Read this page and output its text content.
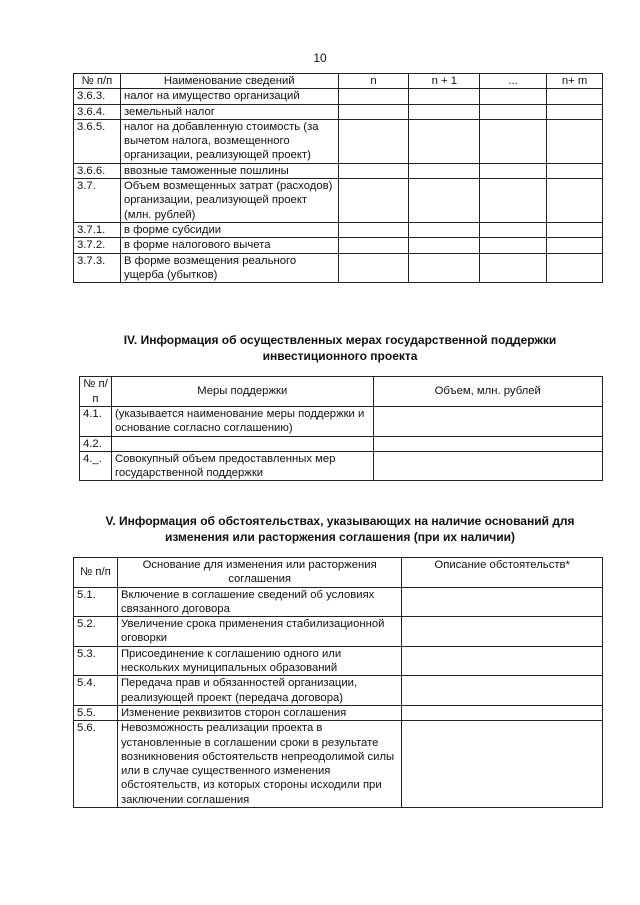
10
№ п/п	Наименование сведений	n	n + 1	...	n+ m
3.6.3.	налог на имущество организаций				
3.6.4.	земельный налог				
3.6.5.	налог на добавленную стоимость (за вычетом налога, возмещенного организации, реализующей проект)				
3.6.6.	ввозные таможенные пошлины				
3.7.	Объем возмещенных затрат (расходов) организации, реализующей проект (млн. рублей)				
3.7.1.	в форме субсидии				
3.7.2.	в форме налогового вычета				
3.7.3.	В форме возмещения реального ущерба (убытков)				
IV. Информация об осуществленных мерах государственной поддержки
инвестиционного проекта
№ п/п	Меры поддержки	Объем, млн. рублей
4.1.	(указывается наименование меры поддержки и основание согласно соглашению)	
4.2.		
4._.	Совокупный объем предоставленных мер государственной поддержки	
V. Информация об обстоятельствах, указывающих на наличие оснований для
изменения или расторжения соглашения (при их наличии)
№ п/п	Основание для изменения или расторжения соглашения	Описание обстоятельств*
5.1.	Включение в соглашение сведений об условиях связанного договора	
5.2.	Увеличение срока применения стабилизационной оговорки	
5.3.	Присоединение к соглашению одного или нескольких муниципальных образований	
5.4.	Передача прав и обязанностей организации, реализующей проект (передача договора)	
5.5.	Изменение реквизитов сторон соглашения	
5.6.	Невозможность реализации проекта в установленные в соглашении сроки в результате возникновения обстоятельств непреодолимой силы или в случае существенного изменения обстоятельств, из которых стороны исходили при заключении соглашения	
